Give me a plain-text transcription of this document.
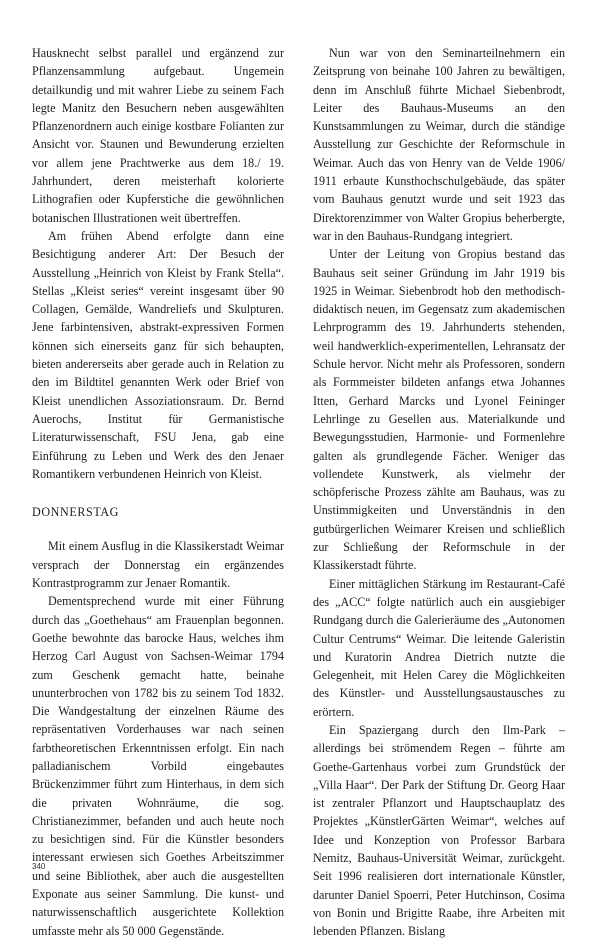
Hausknecht selbst parallel und ergänzend zur Pflanzensammlung aufgebaut. Ungemein detailkundig und mit wahrer Liebe zu seinem Fach legte Manitz den Besuchern neben ausgewählten Pflanzenordnern auch einige kostbare Folianten zur Ansicht vor. Staunen und Bewunderung erzielten vor allem jene Prachtwerke aus dem 18./ 19. Jahrhundert, deren meisterhaft kolorierte Lithografien oder Kupferstiche die gewöhnlichen botanischen Illustrationen weit übertreffen.

Am frühen Abend erfolgte dann eine Besichtigung anderer Art: Der Besuch der Ausstellung „Heinrich von Kleist by Frank Stella“. Stellas „Kleist series“ vereint insgesamt über 90 Collagen, Gemälde, Wandreliefs und Skulpturen. Jene farbintensiven, abstrakt-expressiven Formen können sich einerseits ganz für sich behaupten, bieten andererseits aber gerade auch in Relation zu den im Bildtitel genannten Werk oder Brief von Kleist unendlichen Assoziationsraum. Dr. Bernd Auerochs, Institut für Germanistische Literaturwissenschaft, FSU Jena, gab eine Einführung zu Leben und Werk des den Jenaer Romantikern verbundenen Heinrich von Kleist.

DONNERSTAG

Mit einem Ausflug in die Klassikerstadt Weimar versprach der Donnerstag ein ergänzendes Kontrastprogramm zur Jenaer Romantik.

Dementsprechend wurde mit einer Führung durch das „Goethehaus“ am Frauenplan begonnen. Goethe bewohnte das barocke Haus, welches ihm Herzog Carl August von Sachsen-Weimar 1794 zum Geschenk gemacht hatte, beinahe ununterbrochen von 1782 bis zu seinem Tod 1832. Die Wandgestaltung der einzelnen Räume des repräsentativen Vorderhauses war nach seinen farbtheoretischen Erkenntnissen erfolgt. Ein nach palladianischem Vorbild eingebautes Brückenzimmer führt zum Hinterhaus, in dem sich die privaten Wohnräume, die sog. Christianezimmer, befanden und auch heute noch zu besichtigen sind. Für die Künstler besonders interessant erwiesen sich Goethes Arbeitszimmer und seine Bibliothek, aber auch die ausgestellten Exponate aus seiner Sammlung. Die kunst- und naturwissenschaftlich ausgerichtete Kollektion umfasste mehr als 50 000 Gegenstände.

Nun war von den Seminarteilnehmern ein Zeitsprung von beinahe 100 Jahren zu bewältigen, denn im Anschluß führte Michael Siebenbrodt, Leiter des Bauhaus-Museums an den Kunstsammlungen zu Weimar, durch die ständige Ausstellung zur Geschichte der Reformschule in Weimar. Auch das von Henry van de Velde 1906/ 1911 erbaute Kunsthochschulgebäude, das später vom Bauhaus genutzt wurde und seit 1923 das Direktorenzimmer von Walter Gropius beherbergte, war in den Bauhaus-Rundgang integriert.

Unter der Leitung von Gropius bestand das Bauhaus seit seiner Gründung im Jahr 1919 bis 1925 in Weimar. Siebenbrodt hob den methodisch-didaktisch neuen, im Gegensatz zum akademischen Lehrprogramm des 19. Jahrhunderts stehenden, weil handwerklich-experimentellen, Lehransatz der Schule hervor. Nicht mehr als Professoren, sondern als Formmeister bildeten anfangs etwa Johannes Itten, Gerhard Marcks und Lyonel Feininger Lehrlinge zu Gesellen aus. Materialkunde und Bewegungsstudien, Harmonie- und Formenlehre galten als grundlegende Fächer. Weniger das vollendete Kunstwerk, als vielmehr der schöpferische Prozess zählte am Bauhaus, was zu Unstimmigkeiten und Unverständnis in den gutbürgerlichen Weimarer Kreisen und schließlich zur Schließung der Reformschule in der Klassikerstadt führte.

Einer mittäglichen Stärkung im Restaurant-Café des „ACC“ folgte natürlich auch ein ausgiebiger Rundgang durch die Galerieräume des „Autonomen Cultur Centrums“ Weimar. Die leitende Galeristin und Kuratorin Andrea Dietrich nutzte die Gelegenheit, mit Helen Carey die Möglichkeiten des Künstler- und Ausstellungsaustausches zu erörtern.

Ein Spaziergang durch den Ilm-Park – allerdings bei strömendem Regen – führte am Goethe-Gartenhaus vorbei zum Grundstück der „Villa Haar“. Der Park der Stiftung Dr. Georg Haar ist zentraler Pflanzort und Hauptschauplatz des Projektes „KünstlerGärten Weimar“, welches auf Idee und Konzeption von Professor Barbara Nemitz, Bauhaus-Universität Weimar, zurückgeht. Seit 1996 realisieren dort internationale Künstler, darunter Daniel Spoerri, Peter Hutchinson, Cosima von Bonin und Brigitte Raabe, ihre Arbeiten mit lebenden Pflanzen. Bislang

340
